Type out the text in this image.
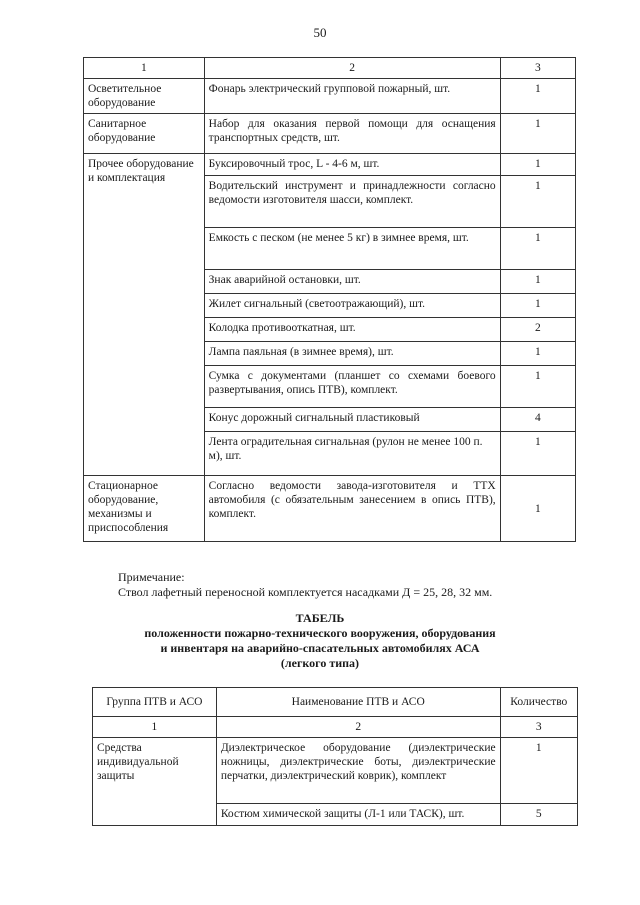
50
1	2	3
Осветительное оборудование	Фонарь электрический групповой пожарный, шт.	1
Санитарное оборудование	Набор для оказания первой помощи для оснащения транспортных средств, шт.	1
Прочее оборудование и комплектация	Буксировочный трос, L - 4-6 м, шт.	1
	Водительский инструмент и принадлежности согласно ведомости изготовителя шасси, комплект.	1
	Емкость с песком (не менее 5 кг) в зимнее время, шт.	1
	Знак аварийной остановки, шт.	1
	Жилет сигнальный (светоотражающий), шт.	1
	Колодка противооткатная, шт.	2
	Лампа паяльная (в зимнее время), шт.	1
	Сумка с документами (планшет со схемами боевого развертывания, опись ПТВ), комплект.	1
	Конус дорожный сигнальный пластиковый	4
	Лента оградительная сигнальная (рулон не менее 100 п. м), шт.	1
Стационарное оборудование, механизмы и приспособления	Согласно ведомости завода-изготовителя и ТТХ автомобиля (с обязательным занесением в опись ПТВ), комплект.	1
Примечание:
Ствол лафетный переносной комплектуется насадками Д = 25, 28, 32 мм.
ТАБЕЛЬ
положенности пожарно-технического вооружения, оборудования
и инвентаря на аварийно-спасательных автомобилях АСА
(легкого типа)
Группа ПТВ и АСО	Наименование ПТВ и АСО	Количество
1	2	3
Средства индивидуальной защиты	Диэлектрическое оборудование (диэлектрические ножницы, диэлектрические боты, диэлектрические перчатки, диэлектрический коврик), комплект	1
	Костюм химической защиты (Л-1 или ТАСК), шт.	5
